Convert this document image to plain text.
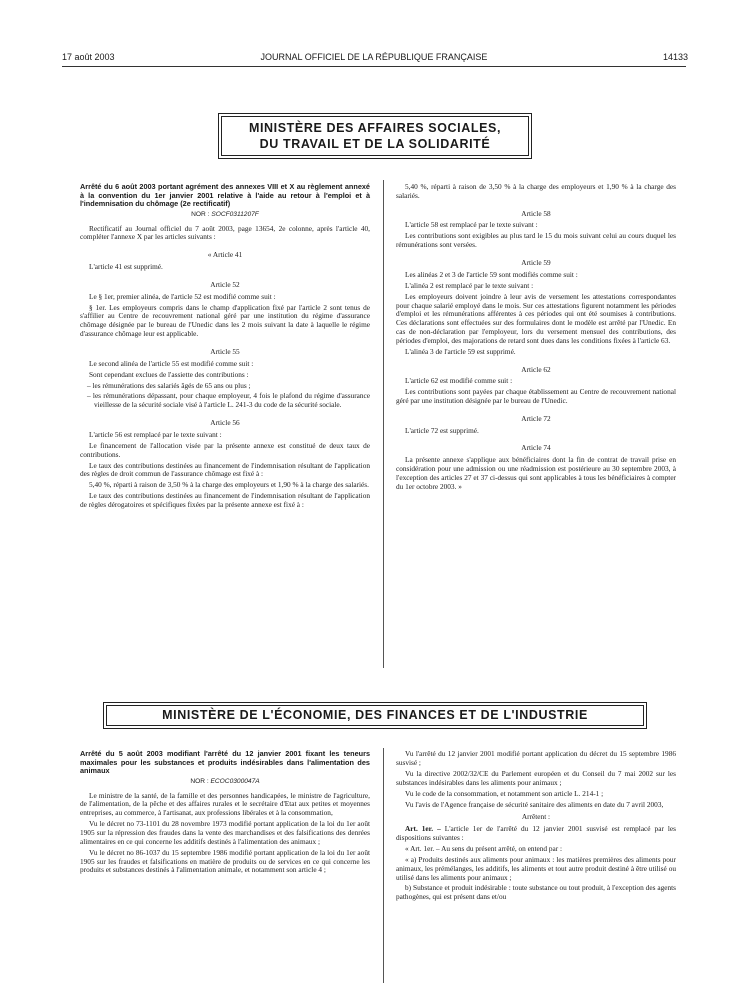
17 août 2003	JOURNAL OFFICIEL DE LA RÉPUBLIQUE FRANÇAISE	14133
MINISTÈRE DES AFFAIRES SOCIALES,
DU TRAVAIL ET DE LA SOLIDARITÉ

Arrêté du 6 août 2003 portant agrément des annexes VIII et X au règlement annexé à la convention du 1er janvier 2001 relative à l'aide au retour à l'emploi et à l'indemnisation du chômage (2e rectificatif)

NOR : SOCF0311207F

Rectificatif au Journal officiel du 7 août 2003, page 13654, 2e colonne, après l'article 40, compléter l'annexe X par les articles suivants :

« Article 41

L'article 41 est supprimé.

Article 52

Le § 1er, premier alinéa, de l'article 52 est modifié comme suit :

§ 1er. Les employeurs compris dans le champ d'application fixé par l'article 2 sont tenus de s'affilier au Centre de recouvrement national géré par une institution du régime d'assurance chômage désignée par le bureau de l'Unedic dans les 2 mois suivant la date à laquelle le régime d'assurance chômage leur est applicable.

Article 55

Le second alinéa de l'article 55 est modifié comme suit :

Sont cependant exclues de l'assiette des contributions :

– les rémunérations des salariés âgés de 65 ans ou plus ;

– les rémunérations dépassant, pour chaque employeur, 4 fois le plafond du régime d'assurance vieillesse de la sécurité sociale visé à l'article L. 241-3 du code de la sécurité sociale.

Article 56

L'article 56 est remplacé par le texte suivant :

Le financement de l'allocation visée par la présente annexe est constitué de deux taux de contributions.

Le taux des contributions destinées au financement de l'indemnisation résultant de l'application des règles de droit commun de l'assurance chômage est fixé à :

5,40 %, réparti à raison de 3,50 % à la charge des employeurs et 1,90 % à la charge des salariés.

Le taux des contributions destinées au financement de l'indemnisation résultant de l'application de règles dérogatoires et spécifiques fixées par la présente annexe est fixé à :

5,40 %, réparti à raison de 3,50 % à la charge des employeurs et 1,90 % à la charge des salariés.

Article 58

L'article 58 est remplacé par le texte suivant :

Les contributions sont exigibles au plus tard le 15 du mois suivant celui au cours duquel les rémunérations sont versées.

Article 59

Les alinéas 2 et 3 de l'article 59 sont modifiés comme suit :

L'alinéa 2 est remplacé par le texte suivant :

Les employeurs doivent joindre à leur avis de versement les attestations correspondantes pour chaque salarié employé dans le mois. Sur ces attestations figurent notamment les périodes d'emploi et les rémunérations afférentes à ces périodes qui ont été soumises à contributions. Ces déclarations sont effectuées sur des formulaires dont le modèle est arrêté par l'Unedic. En cas de non-déclaration par l'employeur, lors du versement mensuel des contributions, des périodes d'emploi, des majorations de retard sont dues dans les conditions fixées à l'article 63.

L'alinéa 3 de l'article 59 est supprimé.

Article 62

L'article 62 est modifié comme suit :

Les contributions sont payées par chaque établissement au Centre de recouvrement national géré par une institution désignée par le bureau de l'Unedic.

Article 72

L'article 72 est supprimé.

Article 74

La présente annexe s'applique aux bénéficiaires dont la fin de contrat de travail prise en considération pour une admission ou une réadmission est postérieure au 30 septembre 2003, à l'exception des articles 27 et 37 ci-dessus qui sont applicables à tous les bénéficiaires à compter du 1er octobre 2003. »

MINISTÈRE DE L'ÉCONOMIE, DES FINANCES ET DE L'INDUSTRIE

Arrêté du 5 août 2003 modifiant l'arrêté du 12 janvier 2001 fixant les teneurs maximales pour les substances et produits indésirables dans l'alimentation des animaux

NOR : ECOC0300047A

Le ministre de la santé, de la famille et des personnes handicapées, le ministre de l'agriculture, de l'alimentation, de la pêche et des affaires rurales et le secrétaire d'Etat aux petites et moyennes entreprises, au commerce, à l'artisanat, aux professions libérales et à la consommation,

Vu le décret no 73-1101 du 28 novembre 1973 modifié portant application de la loi du 1er août 1905 sur la répression des fraudes dans la vente des marchandises et des falsifications des denrées alimentaires en ce qui concerne les additifs destinés à l'alimentation des animaux ;

Vu le décret no 86-1037 du 15 septembre 1986 modifié portant application de la loi du 1er août 1905 sur les fraudes et falsifications en matière de produits ou de services en ce qui concerne les produits et substances destinés à l'alimentation animale, et notamment son article 4 ;

Vu l'arrêté du 12 janvier 2001 modifié portant application du décret du 15 septembre 1986 susvisé ;

Vu la directive 2002/32/CE du Parlement européen et du Conseil du 7 mai 2002 sur les substances indésirables dans les aliments pour animaux ;

Vu le code de la consommation, et notamment son article L. 214-1 ;

Vu l'avis de l'Agence française de sécurité sanitaire des aliments en date du 7 avril 2003,

Arrêtent :

Art. 1er. – L'article 1er de l'arrêté du 12 janvier 2001 susvisé est remplacé par les dispositions suivantes :

« Art. 1er. – Au sens du présent arrêté, on entend par :

« a) Produits destinés aux aliments pour animaux : les matières premières des aliments pour animaux, les prémélanges, les additifs, les aliments et tout autre produit destiné à être utilisé ou utilisé dans les aliments pour animaux ;

b) Substance et produit indésirable : toute substance ou tout produit, à l'exception des agents pathogènes, qui est présent dans et/ou
